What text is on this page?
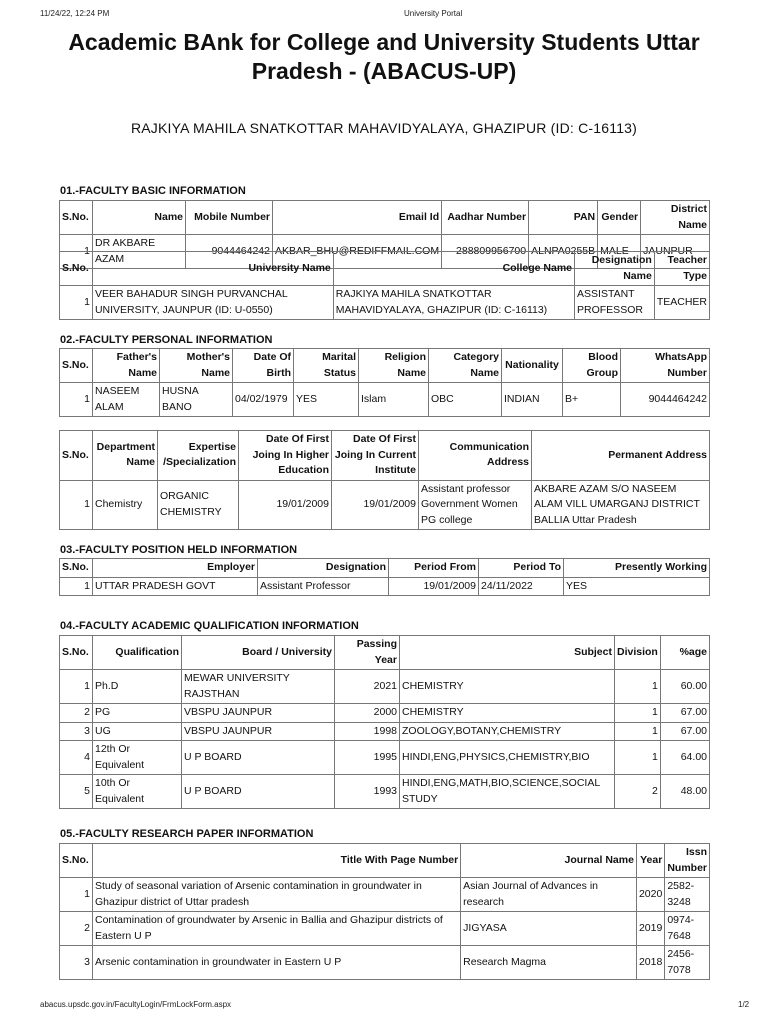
11/24/22, 12:24 PM	University Portal
Academic BAnk for College and University Students Uttar Pradesh - (ABACUS-UP)
RAJKIYA MAHILA SNATKOTTAR MAHAVIDYALAYA, GHAZIPUR (ID: C-16113)
01.-FACULTY BASIC INFORMATION
S.No.	Name	Mobile Number	Email Id	Aadhar Number	PAN	Gender	District Name
1	DR AKBARE AZAM	9044464242	AKBAR_BHU@REDIFFMAIL.COM	288809956700	ALNPA0255B	MALE	JAUNPUR
S.No.	University Name	College Name	Designation Name	Teacher Type
1	VEER BAHADUR SINGH PURVANCHAL UNIVERSITY, JAUNPUR (ID: U-0550)	RAJKIYA MAHILA SNATKOTTAR MAHAVIDYALAYA, GHAZIPUR (ID: C-16113)	ASSISTANT PROFESSOR	TEACHER
02.-FACULTY PERSONAL INFORMATION
S.No.	Father's Name	Mother's Name	Date Of Birth	Marital Status	Religion Name	Category Name	Nationality	Blood Group	WhatsApp Number
1	NASEEM ALAM	HUSNA BANO	04/02/1979	YES	Islam	OBC	INDIAN	B+	9044464242
S.No.	Department Name	Expertise /Specialization	Date Of First Joing In Higher Education	Date Of First Joing In Current Institute	Communication Address	Permanent Address
1	Chemistry	ORGANIC CHEMISTRY	19/01/2009	19/01/2009	Assistant professor Government Women PG college	AKBARE AZAM S/O NASEEM ALAM VILL UMARGANJ DISTRICT BALLIA Uttar Pradesh
03.-FACULTY POSITION HELD INFORMATION
S.No.	Employer	Designation	Period From	Period To	Presently Working
1	UTTAR PRADESH GOVT	Assistant Professor	19/01/2009	24/11/2022	YES
04.-FACULTY ACADEMIC QUALIFICATION INFORMATION
S.No.	Qualification	Board / University	Passing Year	Subject	Division	%age
1	Ph.D	MEWAR UNIVERSITY RAJSTHAN	2021	CHEMISTRY	1	60.00
2	PG	VBSPU JAUNPUR	2000	CHEMISTRY	1	67.00
3	UG	VBSPU JAUNPUR	1998	ZOOLOGY,BOTANY,CHEMISTRY	1	67.00
4	12th Or Equivalent	U P BOARD	1995	HINDI,ENG,PHYSICS,CHEMISTRY,BIO	1	64.00
5	10th Or Equivalent	U P BOARD	1993	HINDI,ENG,MATH,BIO,SCIENCE,SOCIAL STUDY	2	48.00
05.-FACULTY RESEARCH PAPER INFORMATION
S.No.	Title With Page Number	Journal Name	Year	Issn Number
1	Study of seasonal variation of Arsenic contamination in groundwater in Ghazipur district of Uttar pradesh	Asian Journal of Advances in research	2020	2582-3248
2	Contamination of groundwater by Arsenic in Ballia and Ghazipur districts of Eastern U P	JIGYASA	2019	0974-7648
3	Arsenic contamination in groundwater in Eastern U P	Research Magma	2018	2456-7078
abacus.upsdc.gov.in/FacultyLogin/FrmLockForm.aspx	1/2
